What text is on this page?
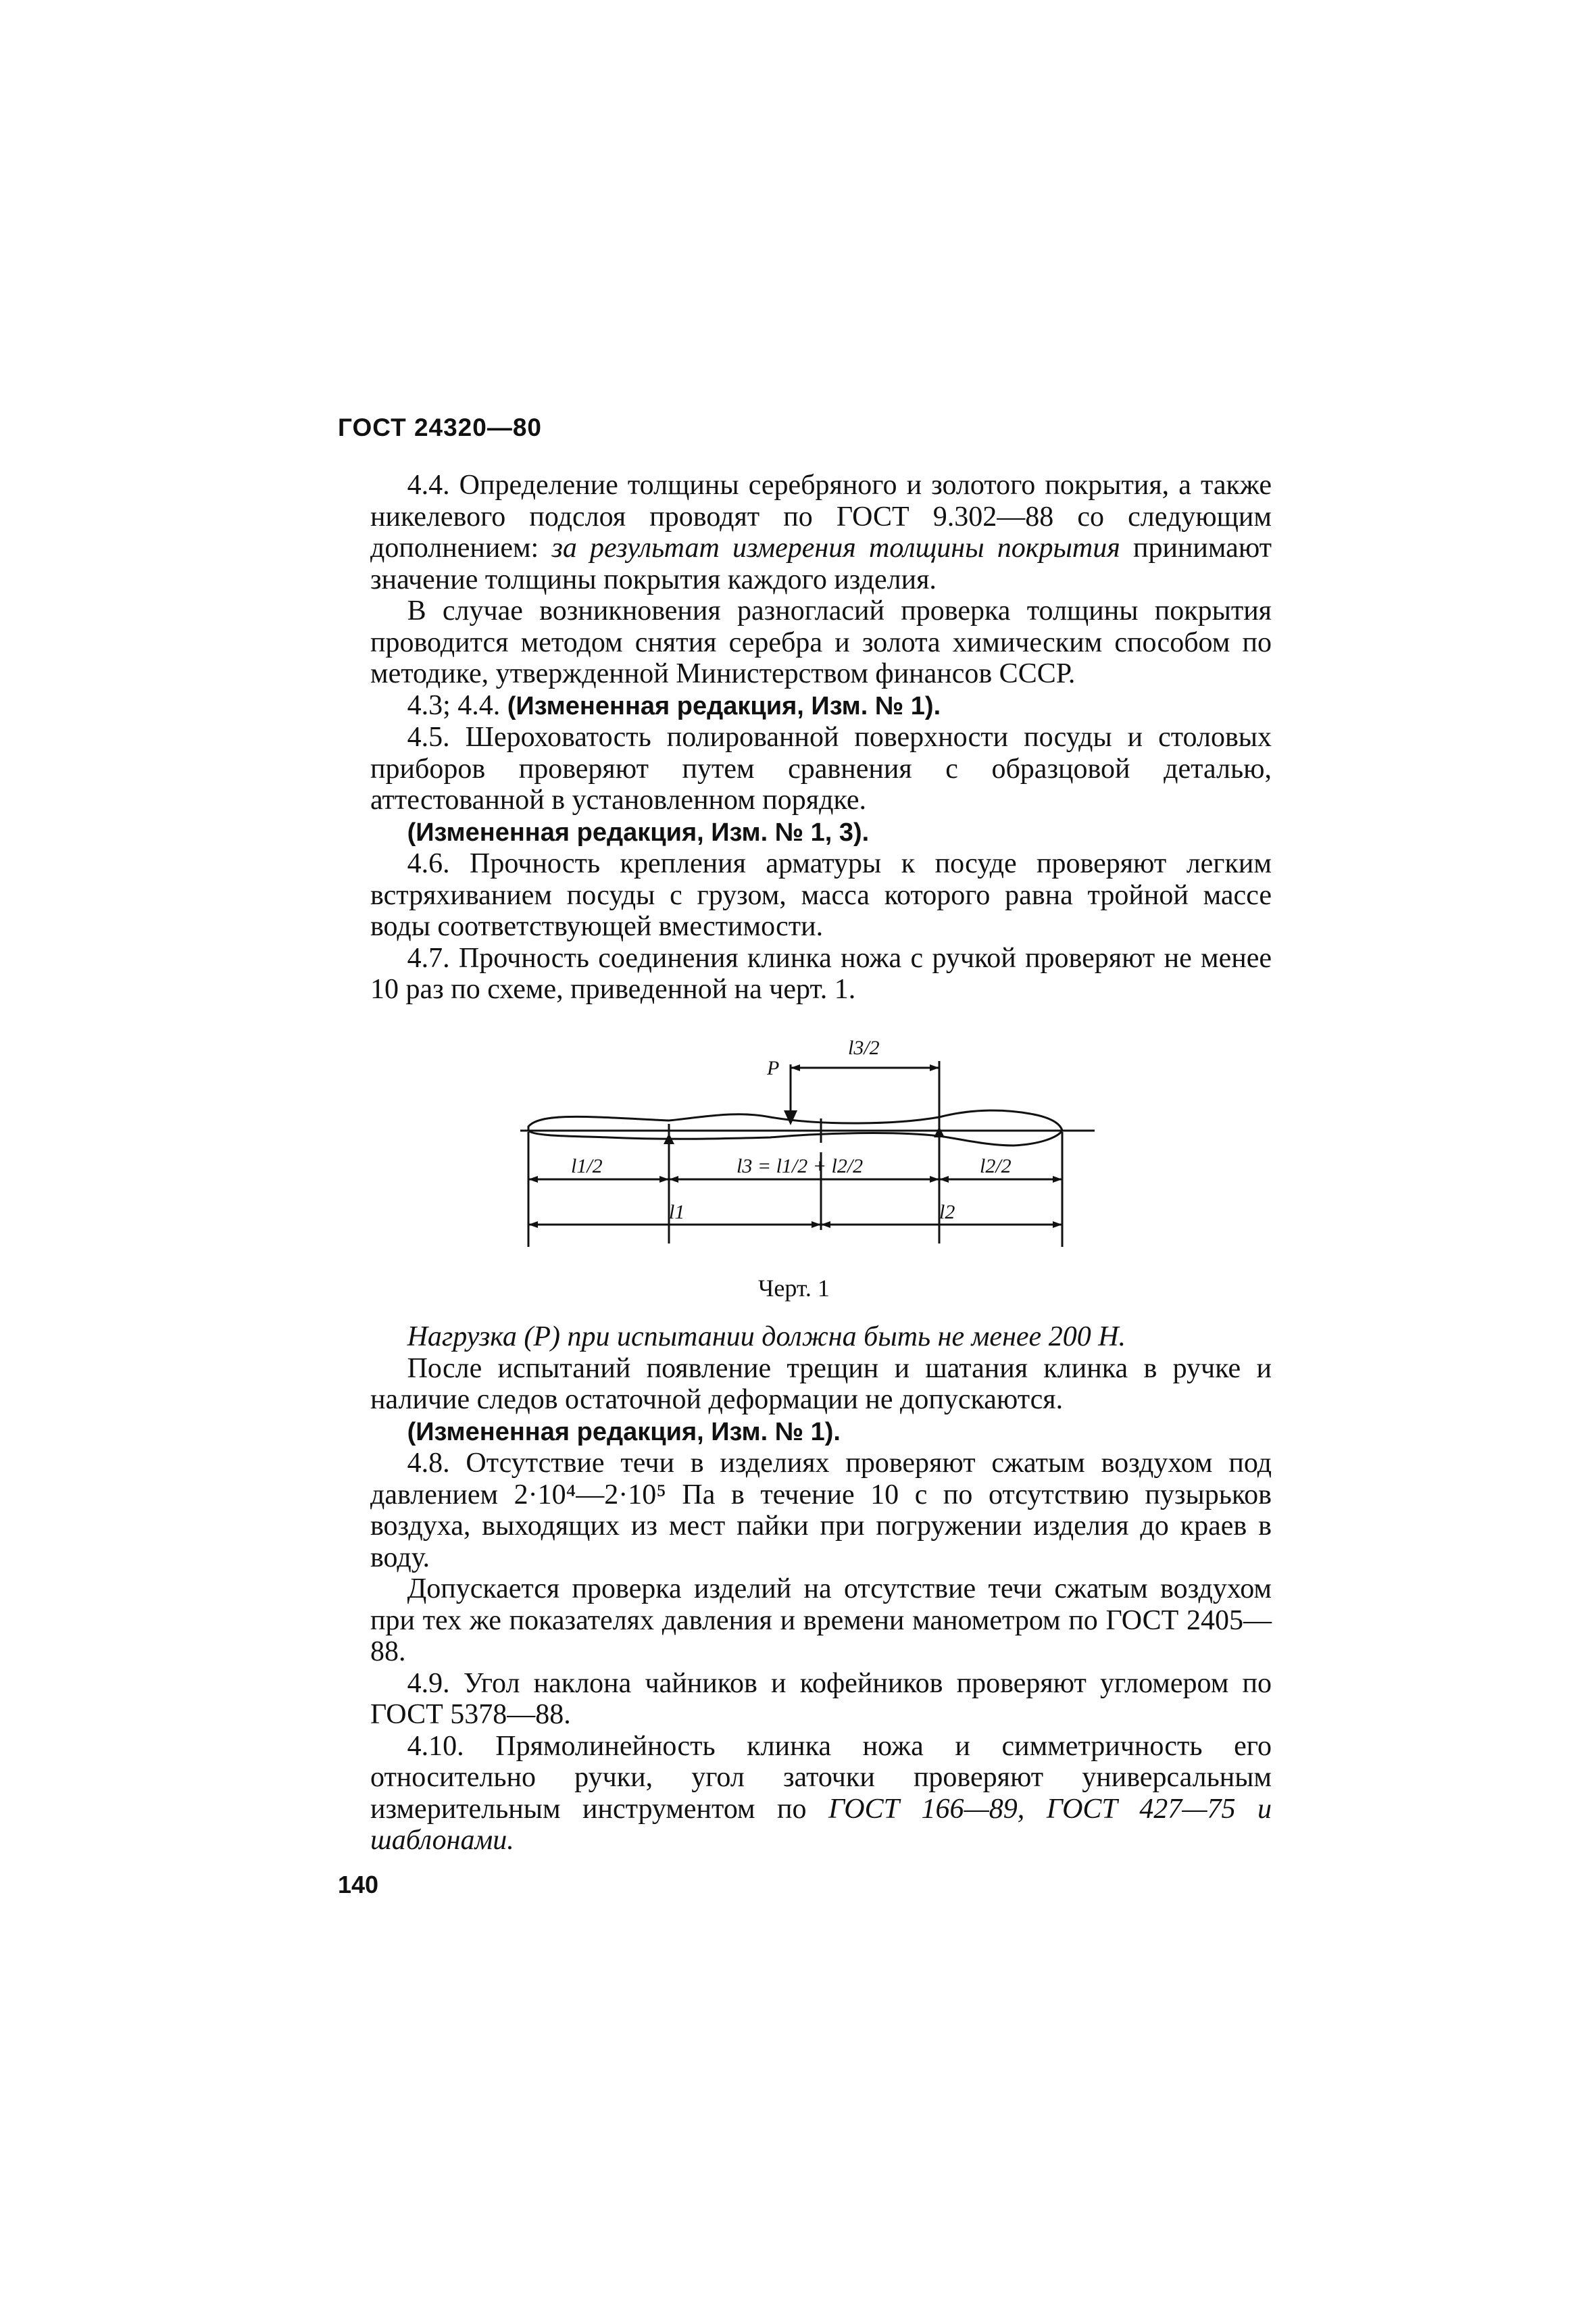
ГОСТ 24320—80

4.4. Определение толщины серебряного и золотого покрытия, а также никелевого подслоя проводят по ГОСТ 9.302—88 со следующим дополнением: за результат измерения толщины покрытия принимают значение толщины покрытия каждого изделия.

В случае возникновения разногласий проверка толщины покрытия проводится методом снятия серебра и золота химическим способом по методике, утвержденной Министерством финансов СССР.

4.3; 4.4. (Измененная редакция, Изм. № 1).

4.5. Шероховатость полированной поверхности посуды и столовых приборов проверяют путем сравнения с образцовой деталью, аттестованной в установленном порядке.

(Измененная редакция, Изм. № 1, 3).

4.6. Прочность крепления арматуры к посуде проверяют легким встряхиванием посуды с грузом, масса которого равна тройной массе воды соответствующей вместимости.

4.7. Прочность соединения клинка ножа с ручкой проверяют не менее 10 раз по схеме, приведенной на черт. 1.

P
l3/2
l1/2	l3 = l1/2 + l2/2	l2/2
l1	l2
Черт. 1

Нагрузка (P) при испытании должна быть не менее 200 Н.

После испытаний появление трещин и шатания клинка в ручке и наличие следов остаточной деформации не допускаются.

(Измененная редакция, Изм. № 1).

4.8. Отсутствие течи в изделиях проверяют сжатым воздухом под давлением 2·10⁴—2·10⁵ Па в течение 10 с по отсутствию пузырьков воздуха, выходящих из мест пайки при погружении изделия до краев в воду.

Допускается проверка изделий на отсутствие течи сжатым воздухом при тех же показателях давления и времени манометром по ГОСТ 2405—88.

4.9. Угол наклона чайников и кофейников проверяют угломером по ГОСТ 5378—88.

4.10. Прямолинейность клинка ножа и симметричность его относительно ручки, угол заточки проверяют универсальным измерительным инструментом по ГОСТ 166—89, ГОСТ 427—75 и шаблонами.

140
